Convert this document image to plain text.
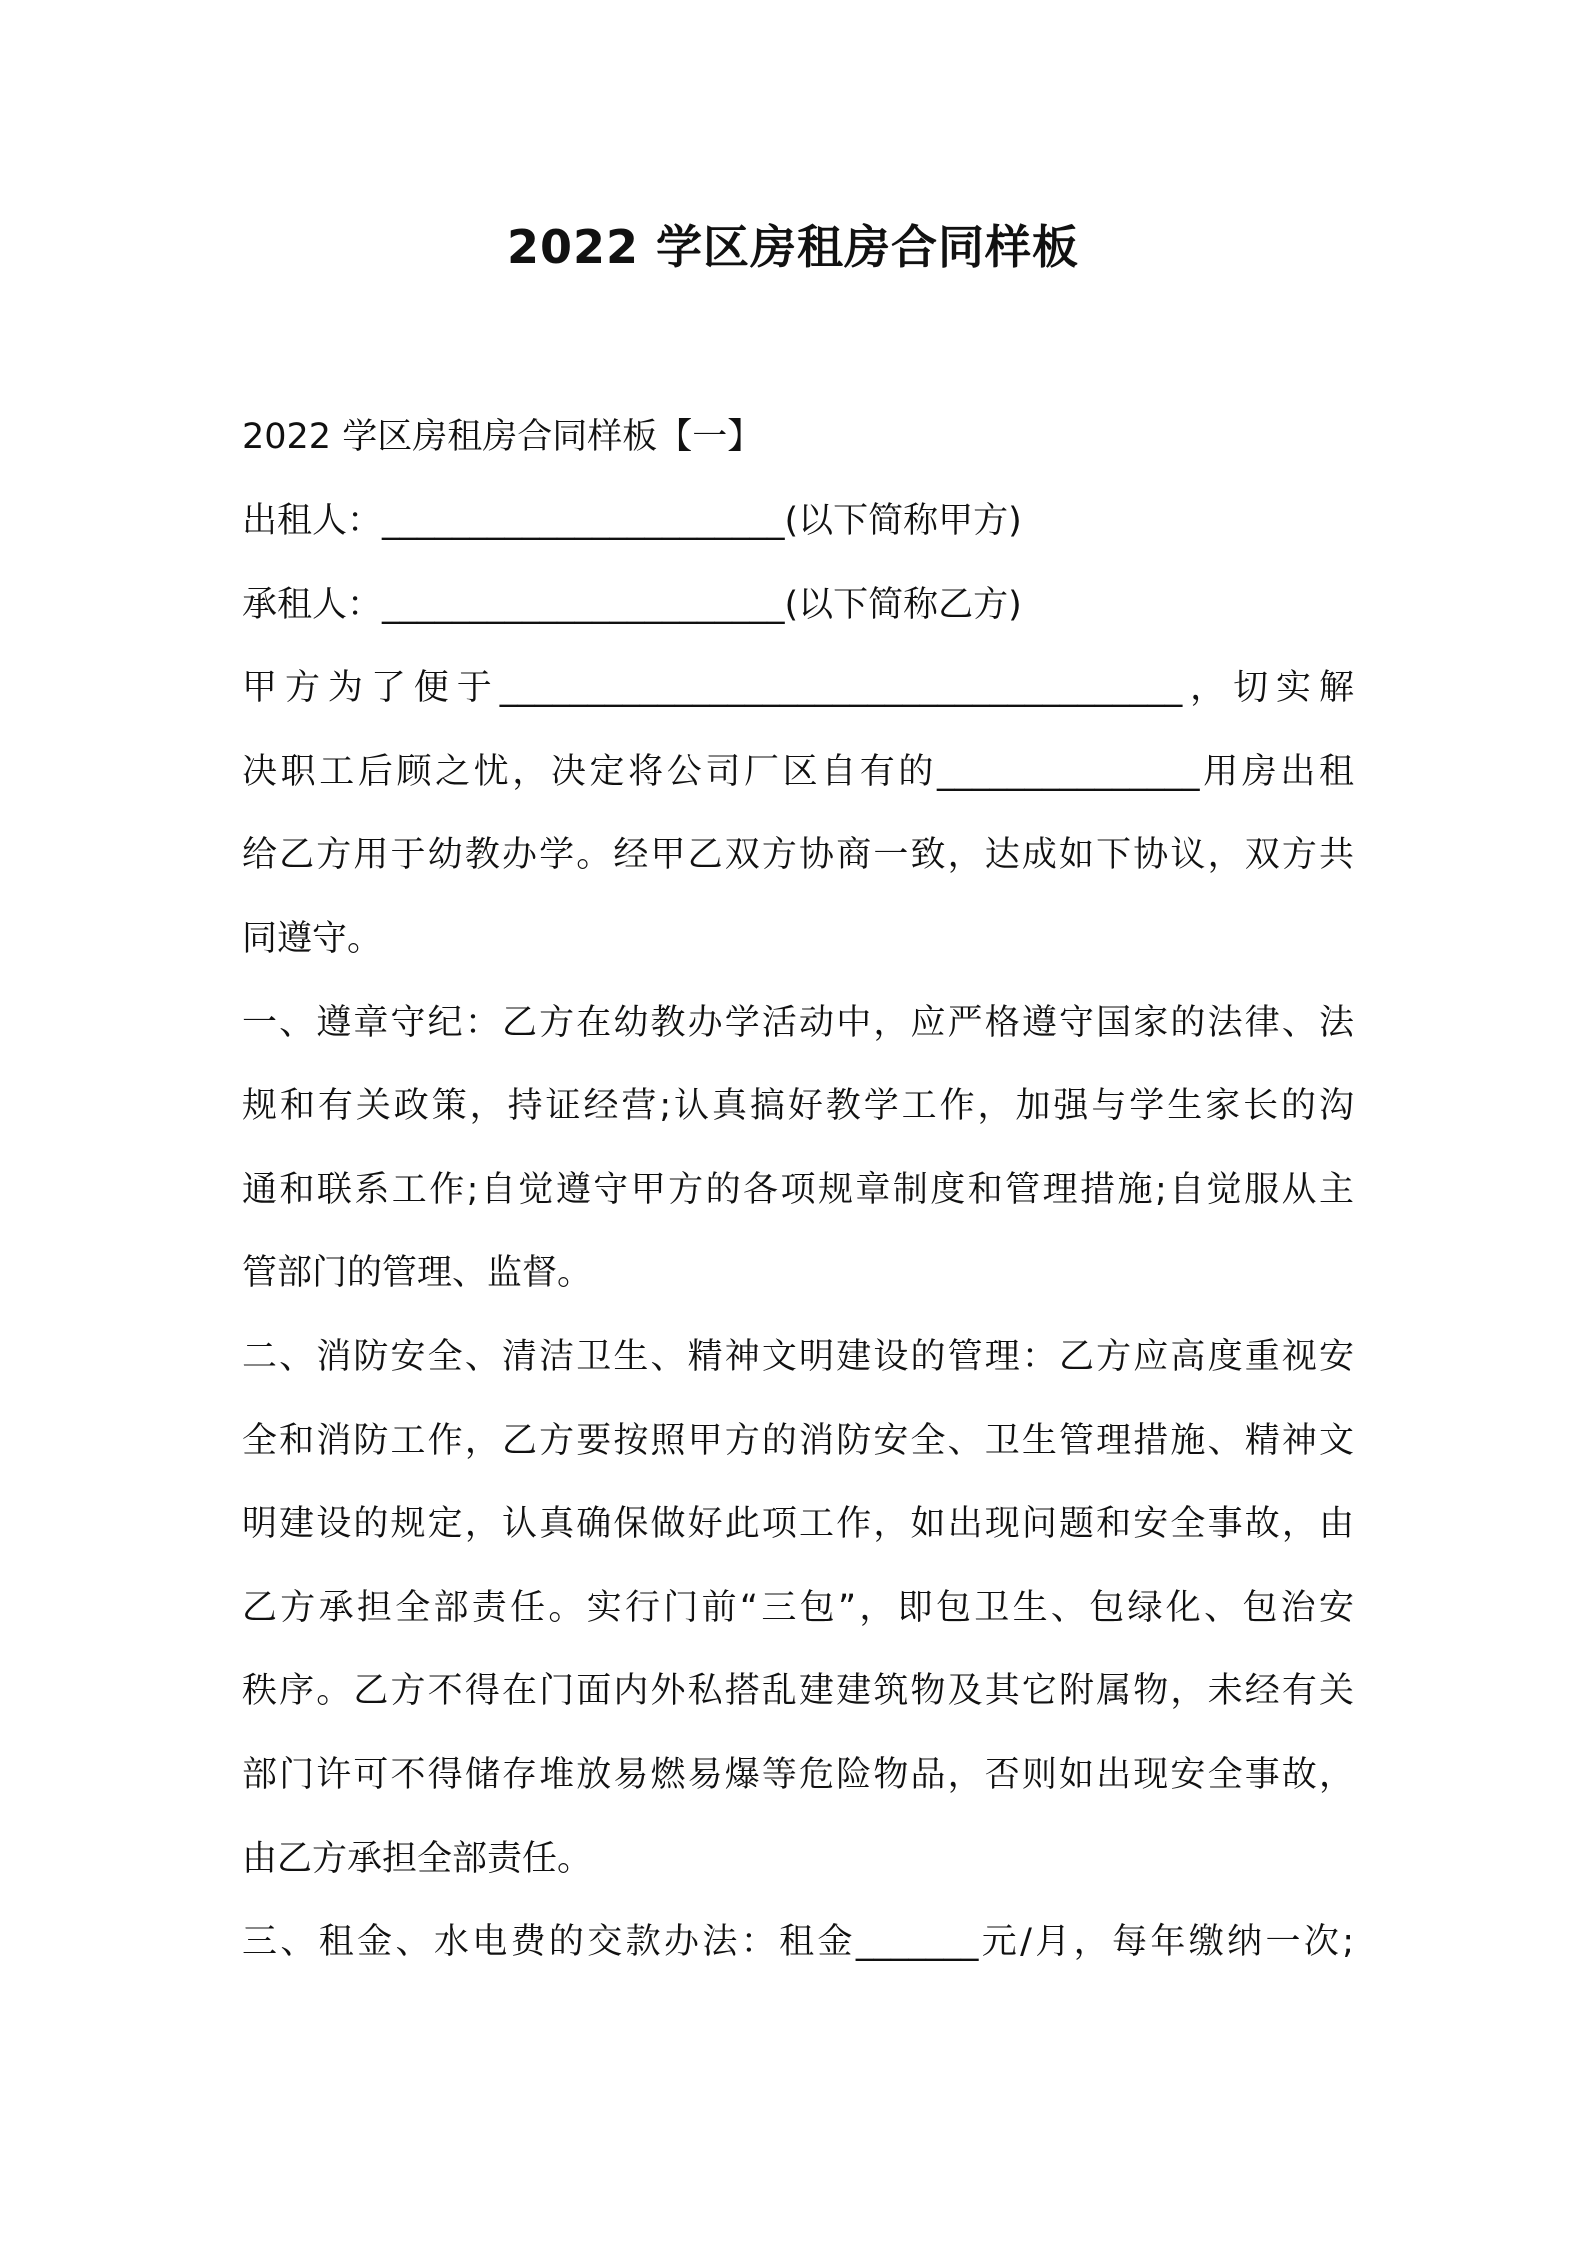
2022 学区房租房合同样板
2022 学区房租房合同样板【一】
出租人：_______________________(以下简称甲方)
承租人：_______________________(以下简称乙方)
甲方为了便于_______________________________________，切实解
决职工后顾之忧，决定将公司厂区自有的_______________用房出租
给乙方用于幼教办学。经甲乙双方协商一致，达成如下协议，双方共
同遵守。
一、遵章守纪：乙方在幼教办学活动中，应严格遵守国家的法律、法
规和有关政策，持证经营;认真搞好教学工作，加强与学生家长的沟
通和联系工作;自觉遵守甲方的各项规章制度和管理措施;自觉服从主
管部门的管理、监督。
二、消防安全、清洁卫生、精神文明建设的管理：乙方应高度重视安
全和消防工作，乙方要按照甲方的消防安全、卫生管理措施、精神文
明建设的规定，认真确保做好此项工作，如出现问题和安全事故，由
乙方承担全部责任。实行门前“三包”，即包卫生、包绿化、包治安
秩序。乙方不得在门面内外私搭乱建建筑物及其它附属物，未经有关
部门许可不得储存堆放易燃易爆等危险物品，否则如出现安全事故，
由乙方承担全部责任。
三、租金、水电费的交款办法：租金_______元/月，每年缴纳一次;
